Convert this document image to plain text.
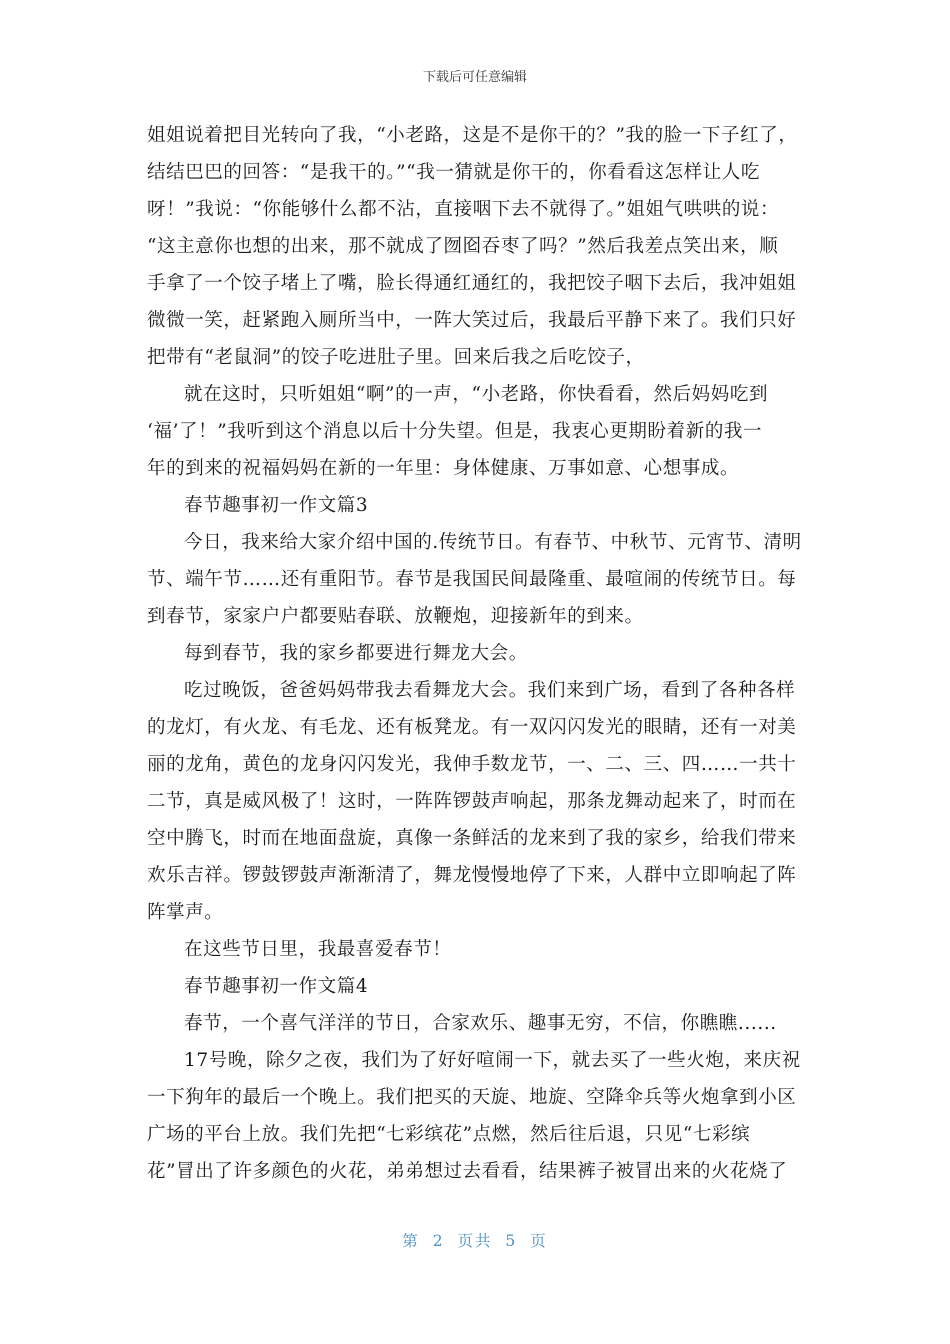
下载后可任意编辑
姐姐说着把目光转向了我，“小老路，这是不是你干的？”我的脸一下子红了，
结结巴巴的回答：“是我干的。”“我一猜就是你干的，你看看这怎样让人吃
呀！”我说：“你能够什么都不沾，直接咽下去不就得了。”姐姐气哄哄的说：
“这主意你也想的出来，那不就成了囫囵吞枣了吗？”然后我差点笑出来，顺
手拿了一个饺子堵上了嘴，脸长得通红通红的，我把饺子咽下去后，我冲姐姐
微微一笑，赶紧跑入厕所当中，一阵大笑过后，我最后平静下来了。我们只好
把带有“老鼠洞”的饺子吃进肚子里。回来后我之后吃饺子，
就在这时，只听姐姐“啊”的一声，“小老路，你快看看，然后妈妈吃到
‘福’了！”我听到这个消息以后十分失望。但是，我衷心更期盼着新的我一
年的到来的祝福妈妈在新的一年里：身体健康、万事如意、心想事成。
春节趣事初一作文篇3
今日，我来给大家介绍中国的.传统节日。有春节、中秋节、元宵节、清明
节、端午节……还有重阳节。春节是我国民间最隆重、最喧闹的传统节日。每
到春节，家家户户都要贴春联、放鞭炮，迎接新年的到来。
每到春节，我的家乡都要进行舞龙大会。
吃过晚饭，爸爸妈妈带我去看舞龙大会。我们来到广场，看到了各种各样
的龙灯，有火龙、有毛龙、还有板凳龙。有一双闪闪发光的眼睛，还有一对美
丽的龙角，黄色的龙身闪闪发光，我伸手数龙节，一、二、三、四……一共十
二节，真是威风极了！这时，一阵阵锣鼓声响起，那条龙舞动起来了，时而在
空中腾飞，时而在地面盘旋，真像一条鲜活的龙来到了我的家乡，给我们带来
欢乐吉祥。锣鼓锣鼓声渐渐清了，舞龙慢慢地停了下来，人群中立即响起了阵
阵掌声。
在这些节日里，我最喜爱春节！
春节趣事初一作文篇4
春节，一个喜气洋洋的节日，合家欢乐、趣事无穷，不信，你瞧瞧......
17号晚，除夕之夜，我们为了好好喧闹一下，就去买了一些火炮，来庆祝
一下狗年的最后一个晚上。我们把买的天旋、地旋、空降伞兵等火炮拿到小区
广场的平台上放。我们先把“七彩缤花”点燃，然后往后退，只见“七彩缤
花”冒出了许多颜色的火花，弟弟想过去看看，结果裤子被冒出来的火花烧了
第 2 页共 5 页
